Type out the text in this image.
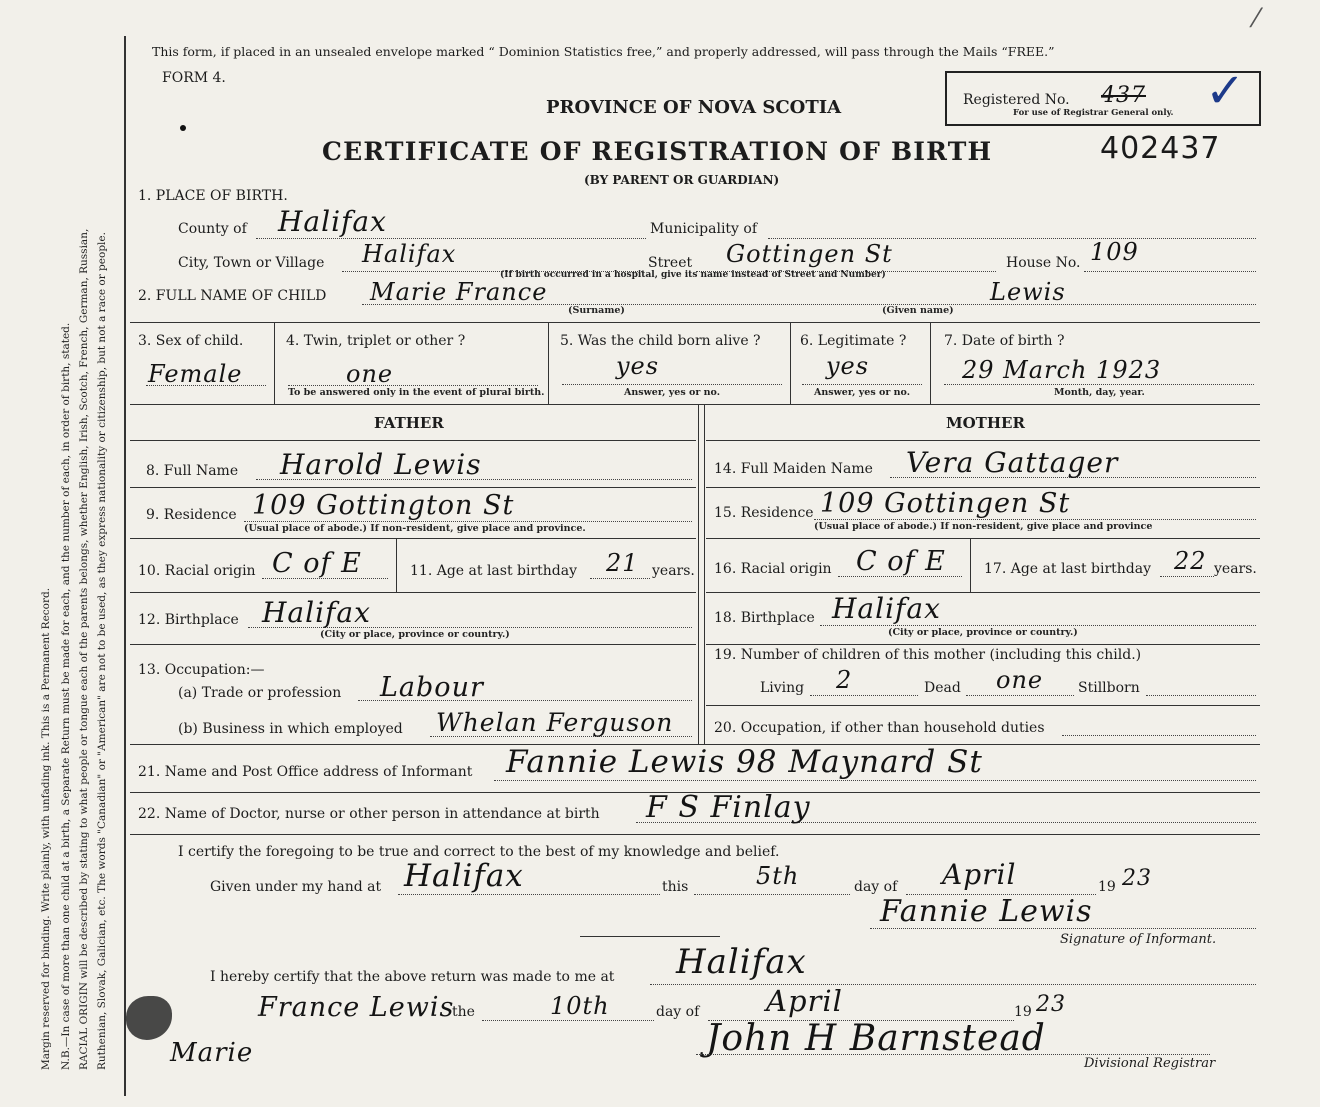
Margin reserved for binding. Write plainly, with unfading ink. This is a Permanent Record. N.B.—In case of more than one child at a birth, a Separate Return must be made for each, and the number of each, in order of birth, stated. RACIAL ORIGIN will be described by stating to what people or tongue each of the parents belongs, whether English, Irish, Scotch, French, German, Russian, Ruthenian, Slovak, Galician, etc. The words "Canadian" or "American" are not to be used, as they express nationality or citizenship, but not a race or people.
This form, if placed in an unsealed envelope marked “ Dominion Statistics free,” and properly addressed, will pass through the Mails “FREE.”
FORM 4.
PROVINCE OF NOVA SCOTIA
CERTIFICATE OF REGISTRATION OF BIRTH
(BY PARENT OR GUARDIAN)
402437
Registered No. 437
For use of Registrar General only. ✓
⁄
1. PLACE OF BIRTH.
County of Halifax	Municipality of
City, Town or Village Halifax	Street Gottingen St	House No. 109
(If birth occurred in a hospital, give its name instead of Street and Number)
2. FULL NAME OF CHILD Marie France	Lewis
(Surname)	(Given name)
3. Sex of child.
Female
4. Twin, triplet or other ?
one
To be answered only in the event of plural birth.
5. Was the child born alive ?
yes
Answer, yes or no.
6. Legitimate ?
yes
Answer, yes or no.
7. Date of birth ?
29 March 1923
Month, day, year.
FATHER	MOTHER
8. Full Name Harold Lewis	14. Full Maiden Name Vera Gattager
9. Residence 109 Gottington St
(Usual place of abode.) If non-resident, give place and province.
15. Residence 109 Gottingen St
(Usual place of abode.) If non-resident, give place and province
10. Racial origin C of E	11. Age at last birthday 21 years. 16. Racial origin C of E	17. Age at last birthday 22 years.
12. Birthplace Halifax
(City or place, province or country.)
18. Birthplace Halifax
(City or place, province or country.)
13. Occupation:—
(a) Trade or profession Labour
(b) Business in which employed Whelan Ferguson
19. Number of children of this mother (including this child.)
Living 2	Dead one Stillborn
20. Occupation, if other than household duties
21. Name and Post Office address of Informant Fannie Lewis 98 Maynard St
22. Name of Doctor, nurse or other person in attendance at birth F S Finlay
I certify the foregoing to be true and correct to the best of my knowledge and belief.
Given under my hand at Halifax	this	5th	day of April	19 23
Fannie Lewis
Signature of Informant.
I hereby certify that the above return was made to me at Halifax
France Lewis
Marie
the	10th	day of April	19 23
John H Barnstead
Divisional Registrar
